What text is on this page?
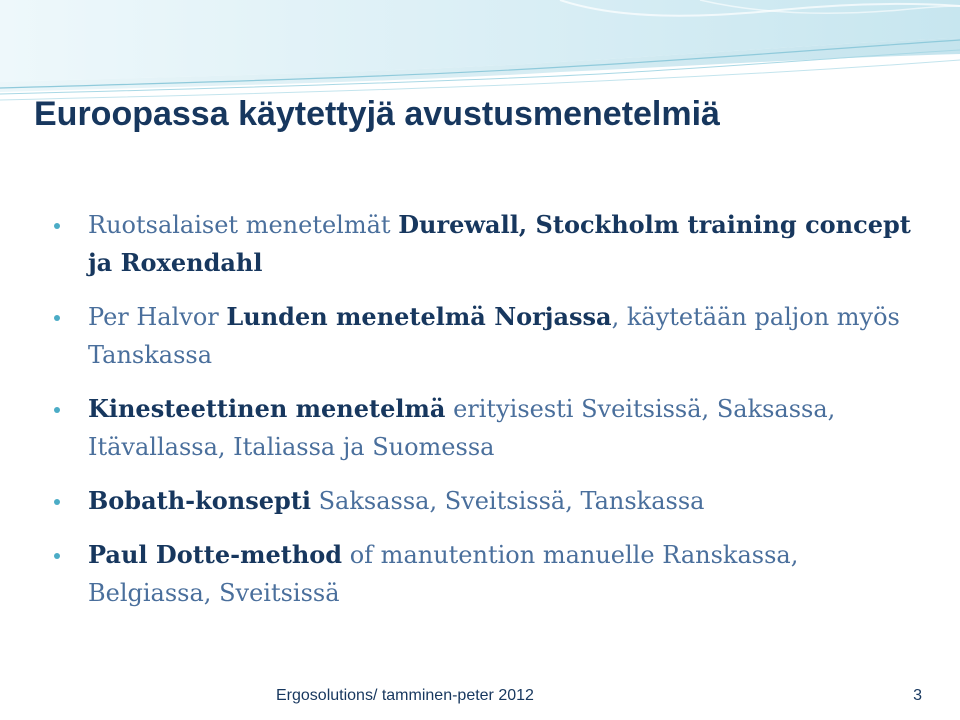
Euroopassa käytettyjä avustusmenetelmiä
Ruotsalaiset menetelmät Durewall, Stockholm training concept ja Roxendahl
Per Halvor Lunden menetelmä Norjassa, käytetään paljon myös Tanskassa
Kinesteettinen menetelmä erityisesti Sveitsissä, Saksassa, Itävallassa, Italiassa ja Suomessa
Bobath-konsepti Saksassa, Sveitsissä, Tanskassa
Paul Dotte-method of manutention manuelle Ranskassa, Belgiassa, Sveitsissä
Ergosolutions/ tamminen-peter 2012	3
